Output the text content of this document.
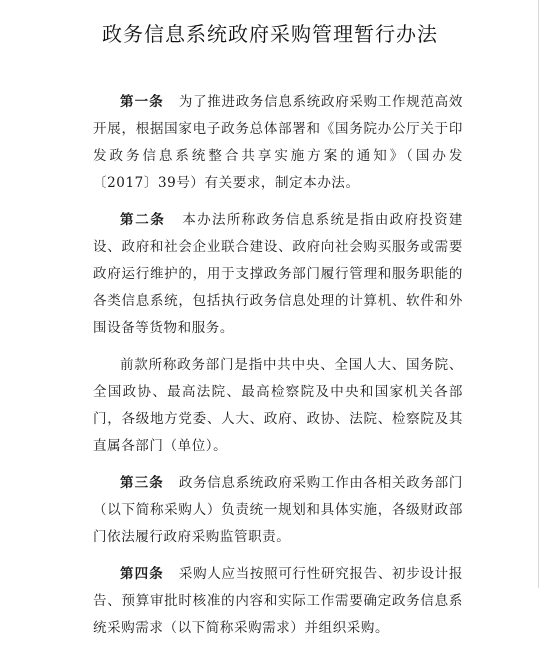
政务信息系统政府采购管理暂行办法

第一条 为了推进政务信息系统政府采购工作规范高效开展，根据国家电子政务总体部署和《国务院办公厅关于印发政务信息系统整合共享实施方案的通知》（国办发〔2017〕39号）有关要求，制定本办法。

第二条 本办法所称政务信息系统是指由政府投资建设、政府和社会企业联合建设、政府向社会购买服务或需要政府运行维护的，用于支撑政务部门履行管理和服务职能的各类信息系统，包括执行政务信息处理的计算机、软件和外围设备等货物和服务。

前款所称政务部门是指中共中央、全国人大、国务院、全国政协、最高法院、最高检察院及中央和国家机关各部门，各级地方党委、人大、政府、政协、法院、检察院及其直属各部门（单位）。

第三条 政务信息系统政府采购工作由各相关政务部门（以下简称采购人）负责统一规划和具体实施，各级财政部门依法履行政府采购监管职责。

第四条 采购人应当按照可行性研究报告、初步设计报告、预算审批时核准的内容和实际工作需要确定政务信息系统采购需求（以下简称采购需求）并组织采购。
